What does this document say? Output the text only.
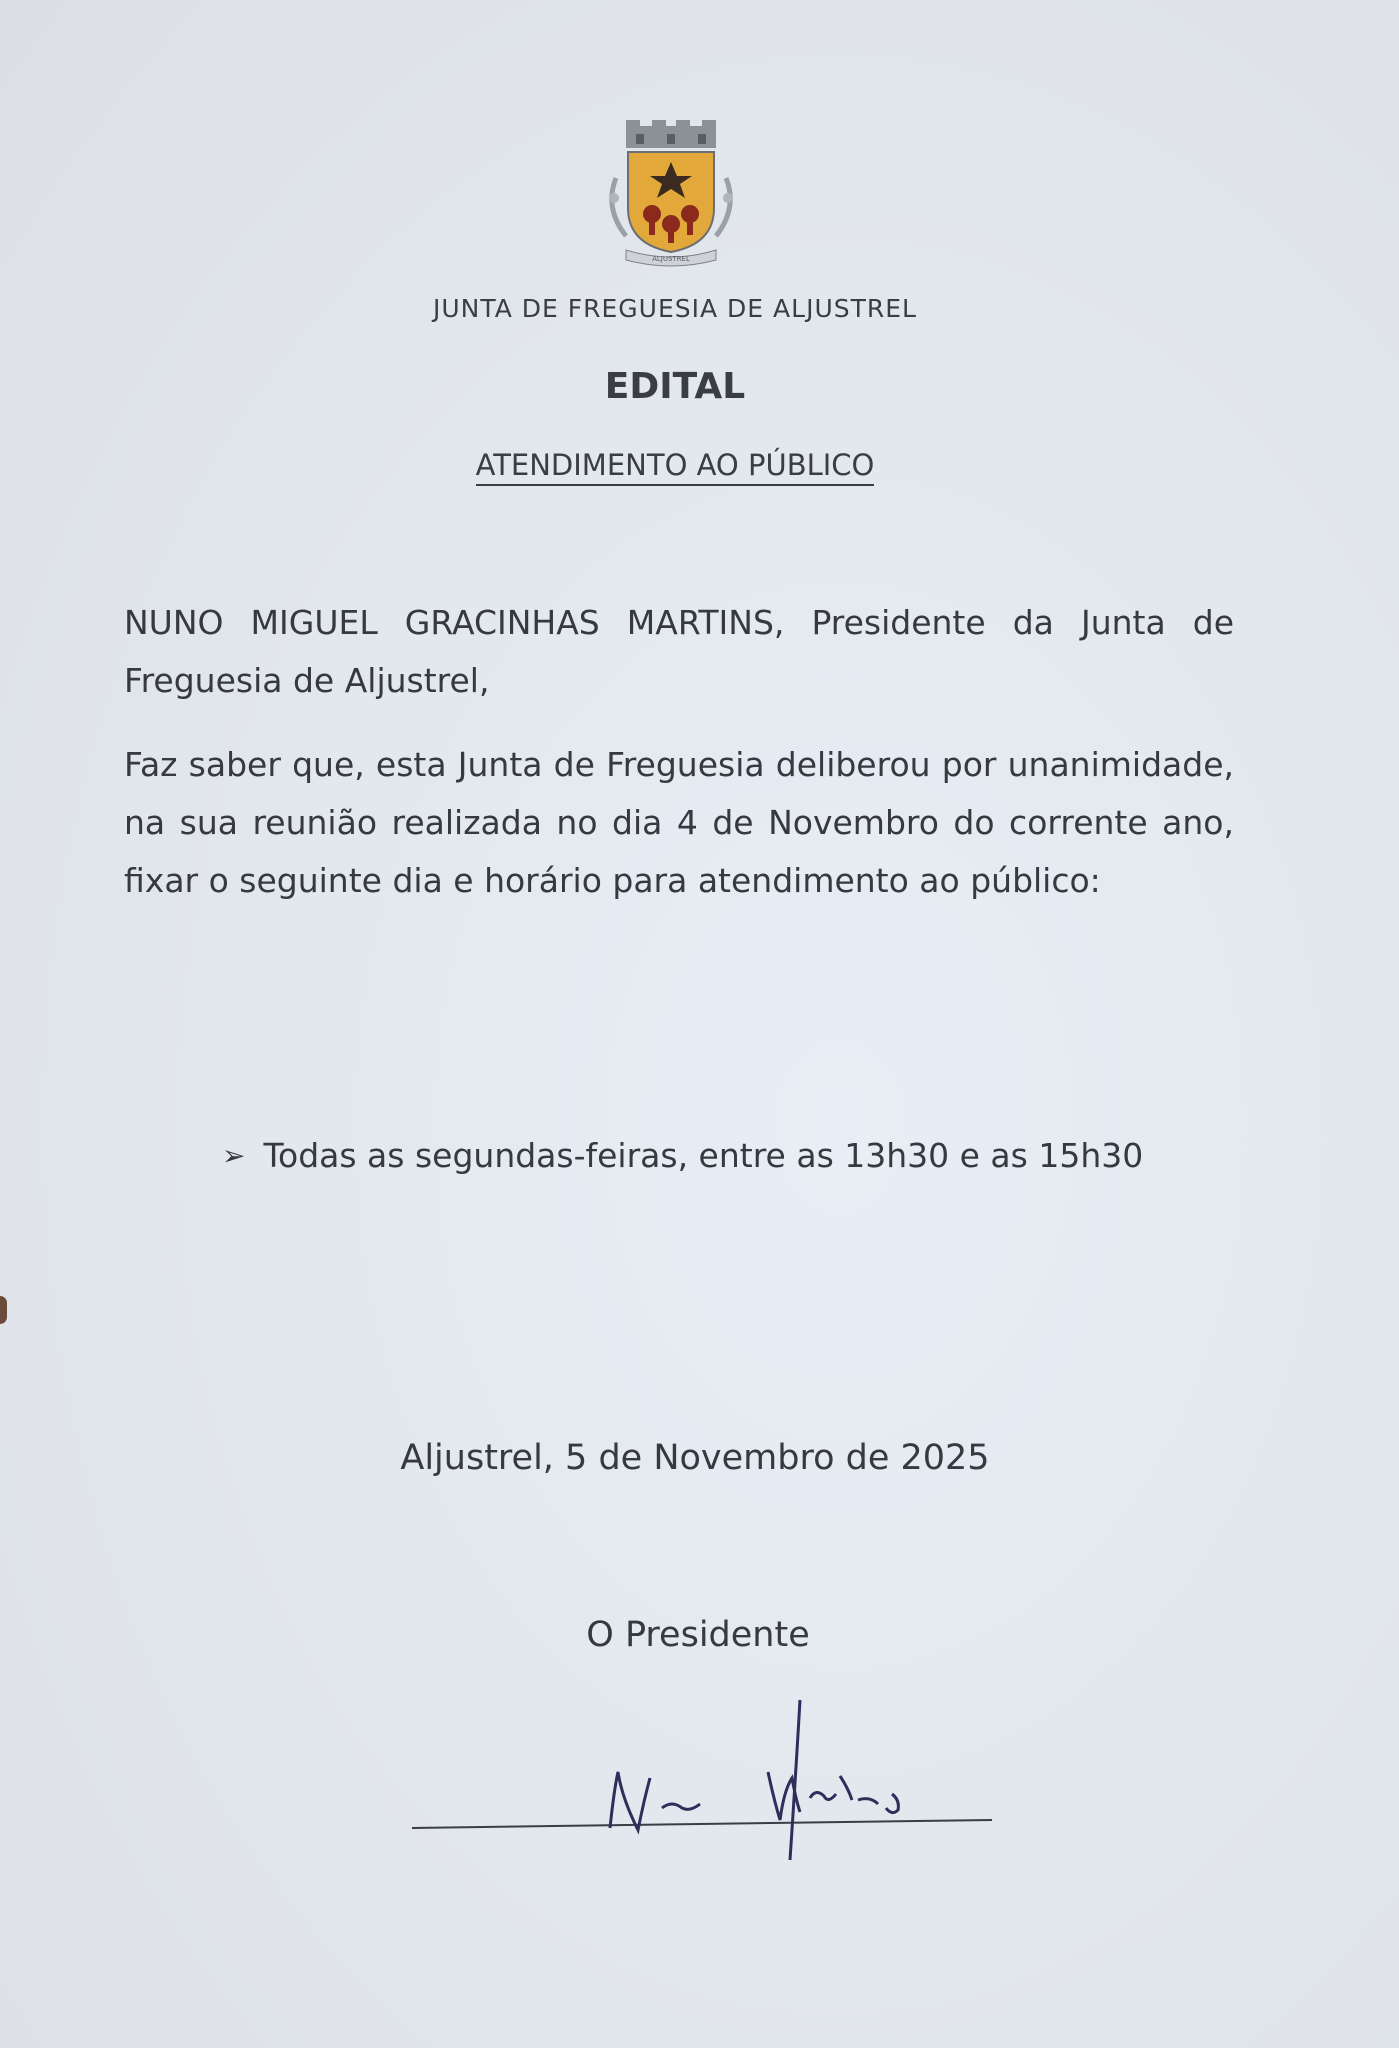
ALJUSTREL
JUNTA DE FREGUESIA DE ALJUSTREL
EDITAL
ATENDIMENTO AO PÚBLICO
NUNO MIGUEL GRACINHAS MARTINS, Presidente da Junta de Freguesia de Aljustrel,
Faz saber que, esta Junta de Freguesia deliberou por unanimidade, na sua reunião realizada no dia 4 de Novembro do corrente ano, fixar o seguinte dia e horário para atendimento ao público:
➢ Todas as segundas-feiras, entre as 13h30 e as 15h30
Aljustrel, 5 de Novembro de 2025
O Presidente
